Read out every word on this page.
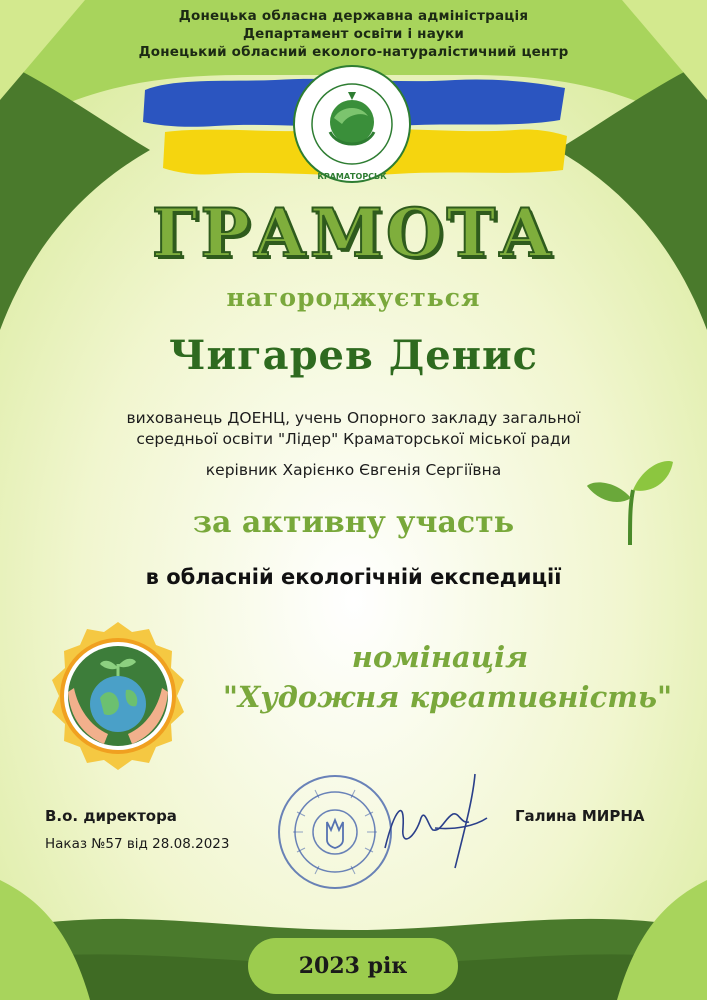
КРАМАТОРСЬК
Донецька обласна державна адміністрація
Департамент освіти і науки
Донецький обласний еколого-натуралістичний центр
ГРАМОТА
нагороджується
Чигарев Денис
вихованець ДОЕНЦ, учень Опорного закладу загальної
середньої освіти "Лідер" Краматорської міської ради
керівник Харієнко Євгенія Сергіївна
за активну участь
в обласній екологічній експедиції
номінація
"Художня креативність"
В.о. директора
Наказ №57 від 28.08.2023
Галина МИРНА
2023 рік
